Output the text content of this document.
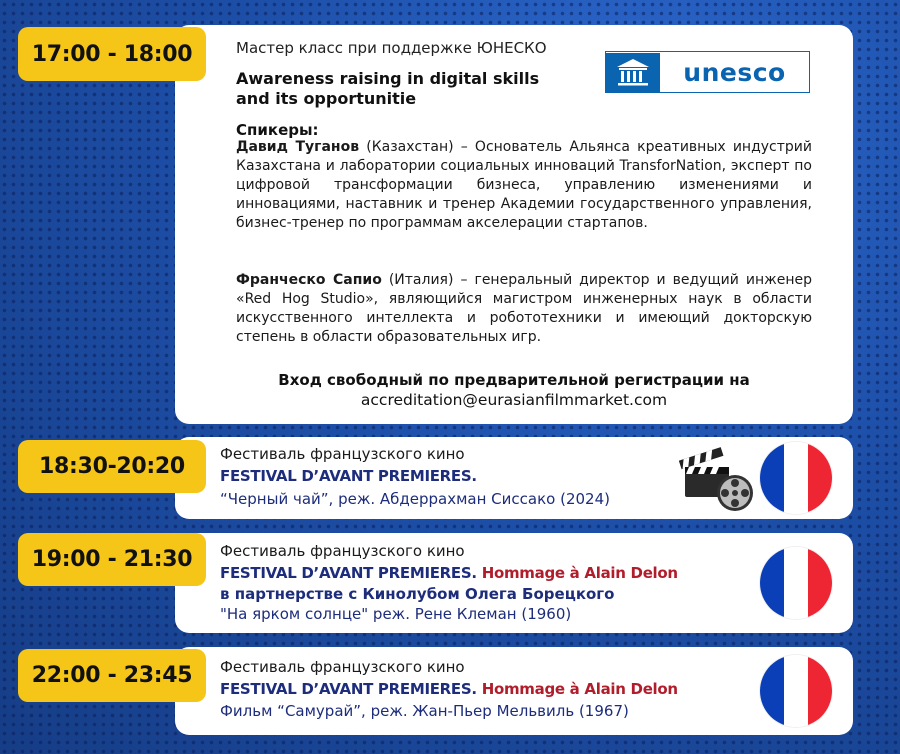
Мастер класс при поддержке ЮНЕСКО
Awareness raising in digital skills and its opportunitie
unesco
Спикеры:
Давид Туганов (Казахстан) – Основатель Альянса креативных индустрий Казахстана и лаборатории социальных инноваций TransforNation, эксперт по цифровой трансформации бизнеса, управлению изменениями и инновациями, наставник и тренер Академии государственного управления, бизнес-тренер по программам акселерации стартапов.
Франческо Сапио (Италия) – генеральный директор и ведущий инженер «Red Hog Studio», являющийся магистром инженерных наук в области искусственного интеллекта и робототехники и имеющий докторскую степень в области образовательных игр.
Вход свободный по предварительной регистрации на
accreditation@eurasianfilmmarket.com
17:00 - 18:00
Фестиваль французского кино
FESTIVAL D’AVANT PREMIERES.
“Черный чай”, реж. Абдеррахман Сиссако (2024)
18:30-20:20
Фестиваль французского кино
FESTIVAL D’AVANT PREMIERES. Hommage à Alain Delon
в партнерстве с Кинолубом Олега Борецкого
"На ярком солнце" реж. Рене Клеман (1960)
19:00 - 21:30
Фестиваль французского кино
FESTIVAL D’AVANT PREMIERES. Hommage à Alain Delon
Фильм “Самурай”, реж. Жан-Пьер Мельвиль (1967)
22:00 - 23:45
